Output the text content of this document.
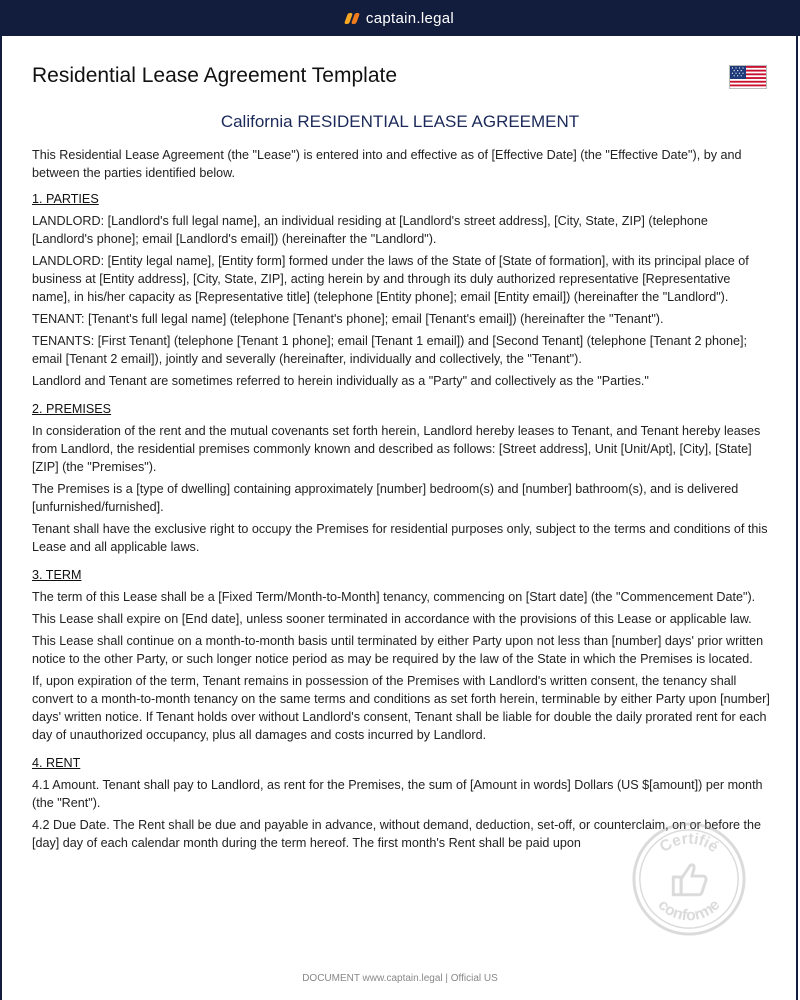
captain.legal
Residential Lease Agreement Template
California RESIDENTIAL LEASE AGREEMENT

This Residential Lease Agreement (the "Lease") is entered into and effective as of [Effective Date] (the "Effective Date"), by and between the parties identified below.

1. PARTIES

LANDLORD: [Landlord's full legal name], an individual residing at [Landlord's street address], [City, State, ZIP] (telephone [Landlord's phone]; email [Landlord's email]) (hereinafter the "Landlord").

LANDLORD: [Entity legal name], [Entity form] formed under the laws of the State of [State of formation], with its principal place of business at [Entity address], [City, State, ZIP], acting herein by and through its duly authorized representative [Representative name], in his/her capacity as [Representative title] (telephone [Entity phone]; email [Entity email]) (hereinafter the "Landlord").

TENANT: [Tenant's full legal name] (telephone [Tenant's phone]; email [Tenant's email]) (hereinafter the "Tenant").

TENANTS: [First Tenant] (telephone [Tenant 1 phone]; email [Tenant 1 email]) and [Second Tenant] (telephone [Tenant 2 phone]; email [Tenant 2 email]), jointly and severally (hereinafter, individually and collectively, the "Tenant").

Landlord and Tenant are sometimes referred to herein individually as a "Party" and collectively as the "Parties."

2. PREMISES

In consideration of the rent and the mutual covenants set forth herein, Landlord hereby leases to Tenant, and Tenant hereby leases from Landlord, the residential premises commonly known and described as follows: [Street address], Unit [Unit/Apt], [City], [State] [ZIP] (the "Premises").

The Premises is a [type of dwelling] containing approximately [number] bedroom(s) and [number] bathroom(s), and is delivered [unfurnished/furnished].

Tenant shall have the exclusive right to occupy the Premises for residential purposes only, subject to the terms and conditions of this Lease and all applicable laws.

3. TERM

The term of this Lease shall be a [Fixed Term/Month-to-Month] tenancy, commencing on [Start date] (the "Commencement Date").

This Lease shall expire on [End date], unless sooner terminated in accordance with the provisions of this Lease or applicable law.

This Lease shall continue on a month-to-month basis until terminated by either Party upon not less than [number] days' prior written notice to the other Party, or such longer notice period as may be required by the law of the State in which the Premises is located.

If, upon expiration of the term, Tenant remains in possession of the Premises with Landlord's written consent, the tenancy shall convert to a month-to-month tenancy on the same terms and conditions as set forth herein, terminable by either Party upon [number] days' written notice. If Tenant holds over without Landlord's consent, Tenant shall be liable for double the daily prorated rent for each day of unauthorized occupancy, plus all damages and costs incurred by Landlord.

4. RENT

4.1 Amount. Tenant shall pay to Landlord, as rent for the Premises, the sum of [Amount in words] Dollars (US $[amount]) per month (the "Rent").

4.2 Due Date. The Rent shall be due and payable in advance, without demand, deduction, set-off, or counterclaim, on or before the [day] day of each calendar month during the term hereof. The first month's Rent shall be paid upon	Certifié
conforme
DOCUMENT www.captain.legal | Official US
